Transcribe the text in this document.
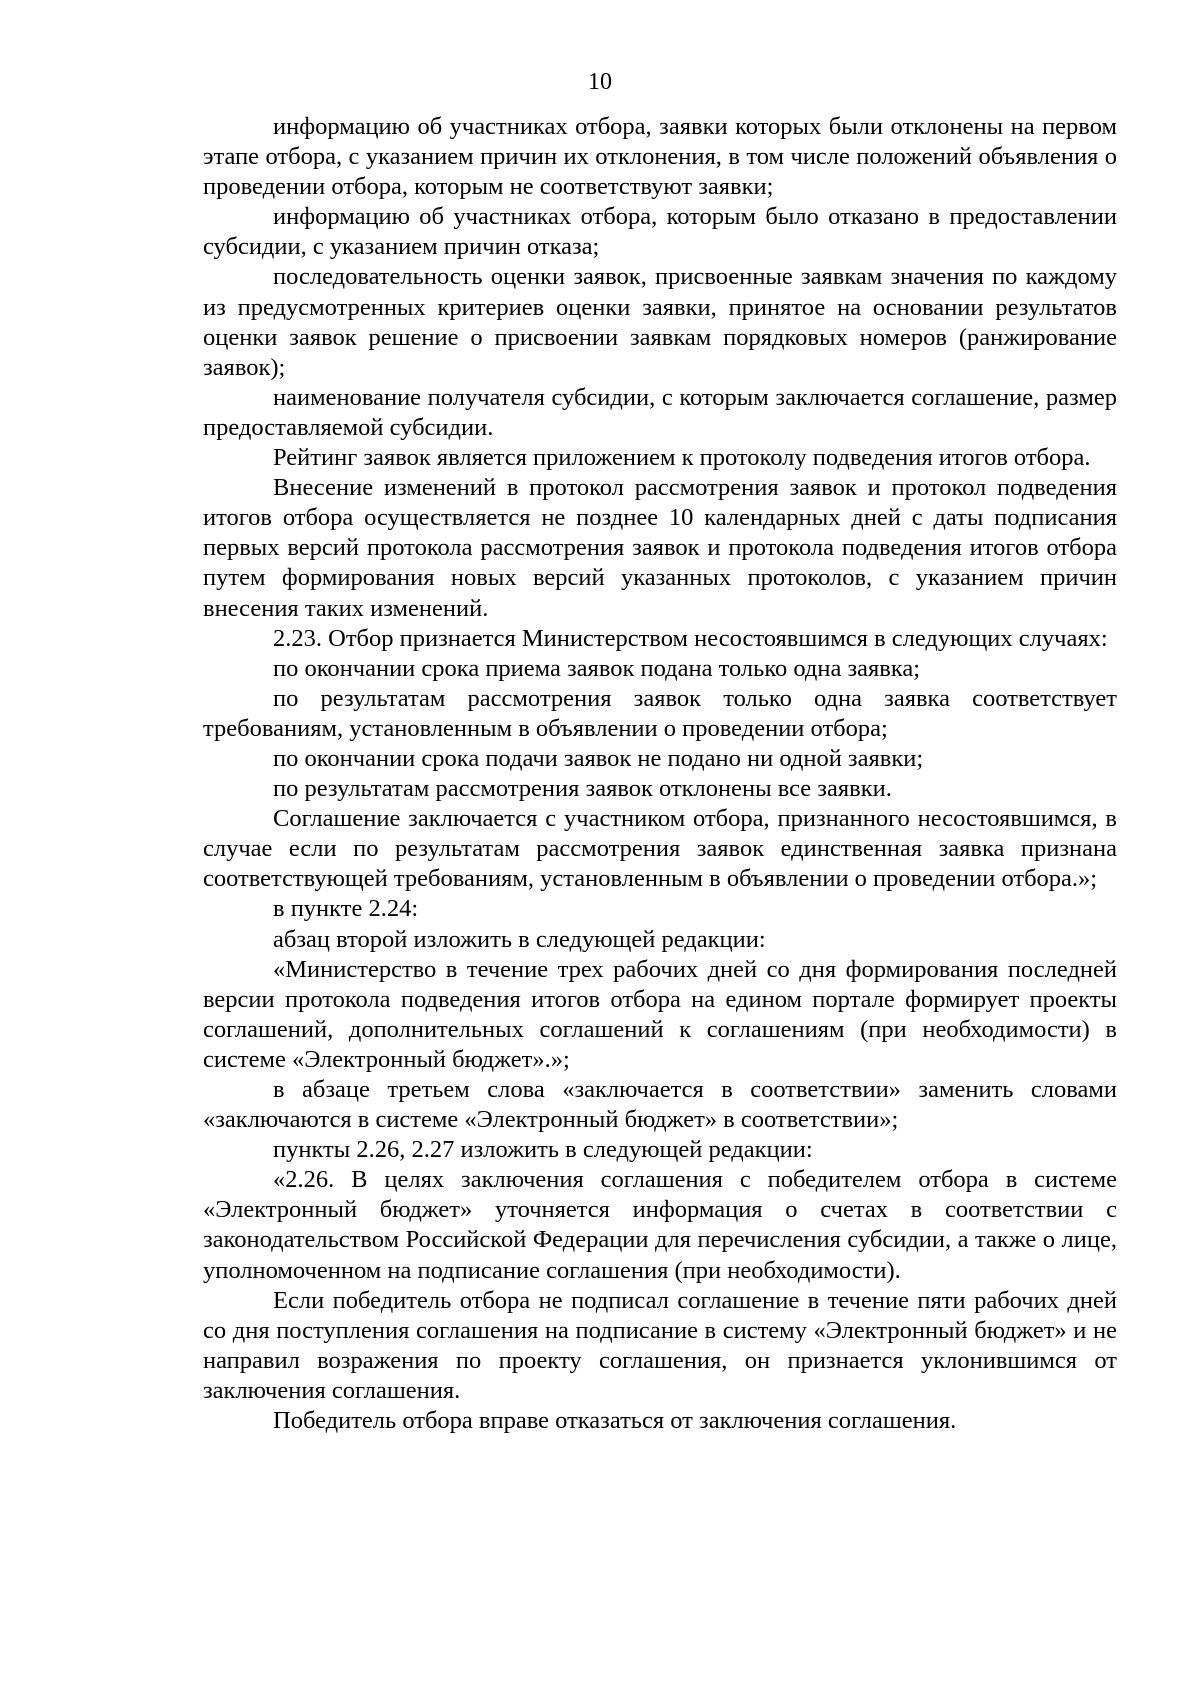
10

информацию об участниках отбора, заявки которых были отклонены на первом этапе отбора, с указанием причин их отклонения, в том числе положений объявления о проведении отбора, которым не соответствуют заявки;

информацию об участниках отбора, которым было отказано в предоставлении субсидии, с указанием причин отказа;

последовательность оценки заявок, присвоенные заявкам значения по каждому из предусмотренных критериев оценки заявки, принятое на основании результатов оценки заявок решение о присвоении заявкам порядковых номеров (ранжирование заявок);

наименование получателя субсидии, с которым заключается соглашение, размер предоставляемой субсидии.

Рейтинг заявок является приложением к протоколу подведения итогов отбора.

Внесение изменений в протокол рассмотрения заявок и протокол подведения итогов отбора осуществляется не позднее 10 календарных дней с даты подписания первых версий протокола рассмотрения заявок и протокола подведения итогов отбора путем формирования новых версий указанных протоколов, с указанием причин внесения таких изменений.

2.23. Отбор признается Министерством несостоявшимся в следующих случаях:

по окончании срока приема заявок подана только одна заявка;

по результатам рассмотрения заявок только одна заявка соответствует требованиям, установленным в объявлении о проведении отбора;

по окончании срока подачи заявок не подано ни одной заявки;

по результатам рассмотрения заявок отклонены все заявки.

Соглашение заключается с участником отбора, признанного несостоявшимся, в случае если по результатам рассмотрения заявок единственная заявка признана соответствующей требованиям, установленным в объявлении о проведении отбора.»;

в пункте 2.24:

абзац второй изложить в следующей редакции:

«Министерство в течение трех рабочих дней со дня формирования последней версии протокола подведения итогов отбора на едином портале формирует проекты соглашений, дополнительных соглашений к соглашениям (при необходимости) в системе «Электронный бюджет».»;

в абзаце третьем слова «заключается в соответствии» заменить словами «заключаются в системе «Электронный бюджет» в соответствии»;

пункты 2.26, 2.27 изложить в следующей редакции:

«2.26. В целях заключения соглашения с победителем отбора в системе «Электронный бюджет» уточняется информация о счетах в соответствии с законодательством Российской Федерации для перечисления субсидии, а также о лице, уполномоченном на подписание соглашения (при необходимости).

Если победитель отбора не подписал соглашение в течение пяти рабочих дней со дня поступления соглашения на подписание в систему «Электронный бюджет» и не направил возражения по проекту соглашения, он признается уклонившимся от заключения соглашения.

Победитель отбора вправе отказаться от заключения соглашения.
